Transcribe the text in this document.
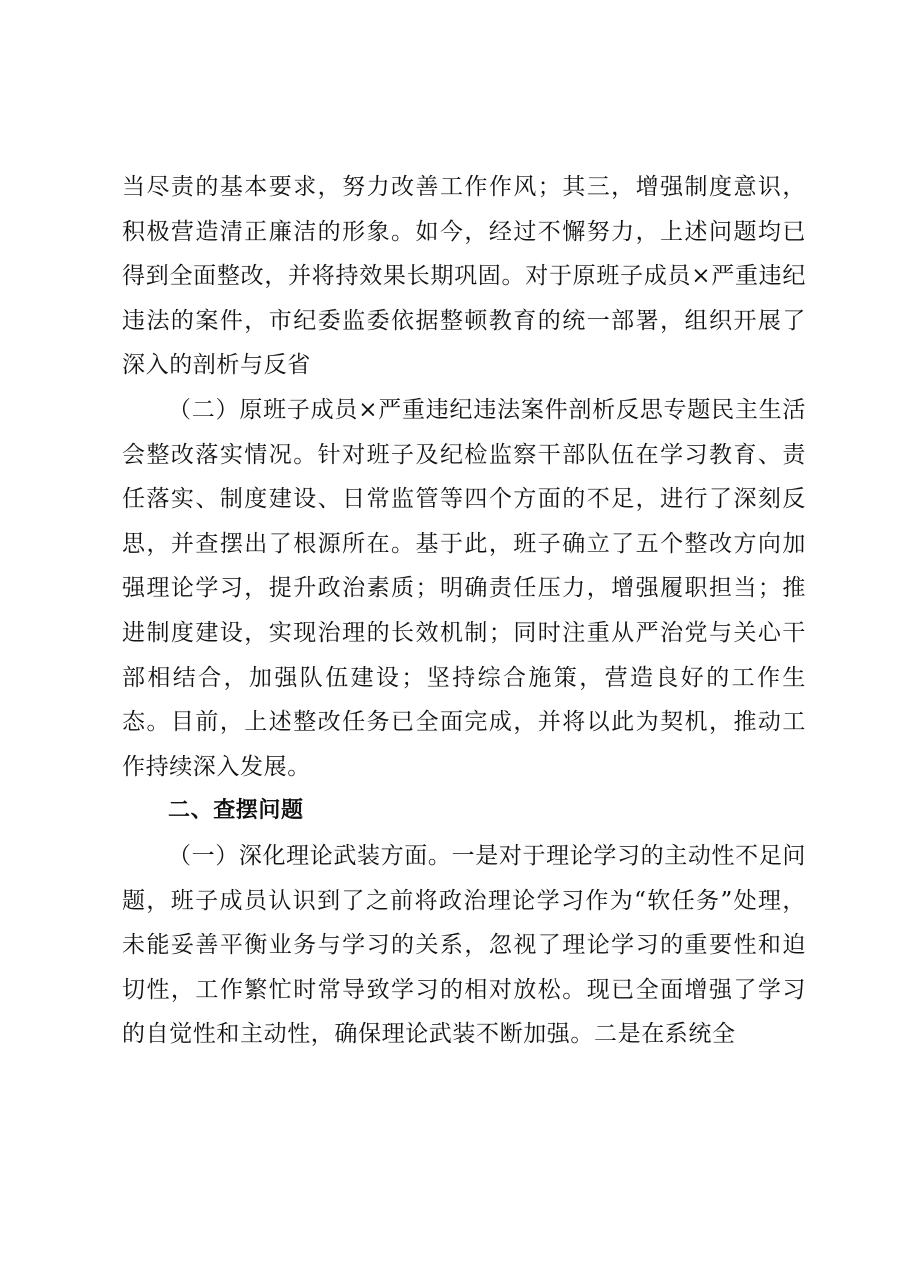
当尽责的基本要求，努力改善工作作风；其三，增强制度意识，积极营造清正廉洁的形象。如今，经过不懈努力，上述问题均已得到全面整改，并将持效果长期巩固。对于原班子成员×严重违纪违法的案件，市纪委监委依据整顿教育的统一部署，组织开展了深入的剖析与反省

（二）原班子成员×严重违纪违法案件剖析反思专题民主生活会整改落实情况。针对班子及纪检监察干部队伍在学习教育、责任落实、制度建设、日常监管等四个方面的不足，进行了深刻反思，并查摆出了根源所在。基于此，班子确立了五个整改方向加强理论学习，提升政治素质；明确责任压力，增强履职担当；推进制度建设，实现治理的长效机制；同时注重从严治党与关心干部相结合，加强队伍建设；坚持综合施策，营造良好的工作生态。目前，上述整改任务已全面完成，并将以此为契机，推动工作持续深入发展。

二、查摆问题

（一）深化理论武装方面。一是对于理论学习的主动性不足问题，班子成员认识到了之前将政治理论学习作为“软任务”处理，未能妥善平衡业务与学习的关系，忽视了理论学习的重要性和迫切性，工作繁忙时常导致学习的相对放松。现已全面增强了学习的自觉性和主动性，确保理论武装不断加强。二是在系统全
